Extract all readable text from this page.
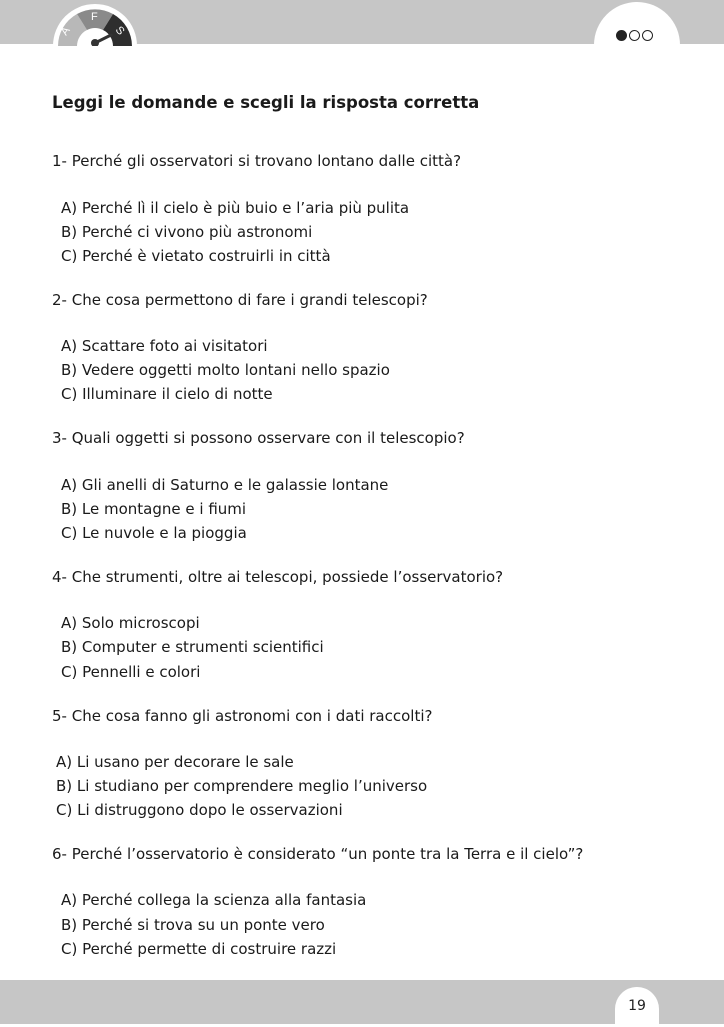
A
F
S
Leggi le domande e scegli la risposta corretta
1- Perché gli osservatori si trovano lontano dalle città?
A) Perché lì il cielo è più buio e l’aria più pulita
B) Perché ci vivono più astronomi
C) Perché è vietato costruirli in città
2- Che cosa permettono di fare i grandi telescopi?
A) Scattare foto ai visitatori
B) Vedere oggetti molto lontani nello spazio
C) Illuminare il cielo di notte
3- Quali oggetti si possono osservare con il telescopio?
A) Gli anelli di Saturno e le galassie lontane
B) Le montagne e i fiumi
C) Le nuvole e la pioggia
4- Che strumenti, oltre ai telescopi, possiede l’osservatorio?
A) Solo microscopi
B) Computer e strumenti scientifici
C) Pennelli e colori
5- Che cosa fanno gli astronomi con i dati raccolti?
A) Li usano per decorare le sale
B) Li studiano per comprendere meglio l’universo
C) Li distruggono dopo le osservazioni
6- Perché l’osservatorio è considerato “un ponte tra la Terra e il cielo”?
A) Perché collega la scienza alla fantasia
B) Perché si trova su un ponte vero
C) Perché permette di costruire razzi
19
